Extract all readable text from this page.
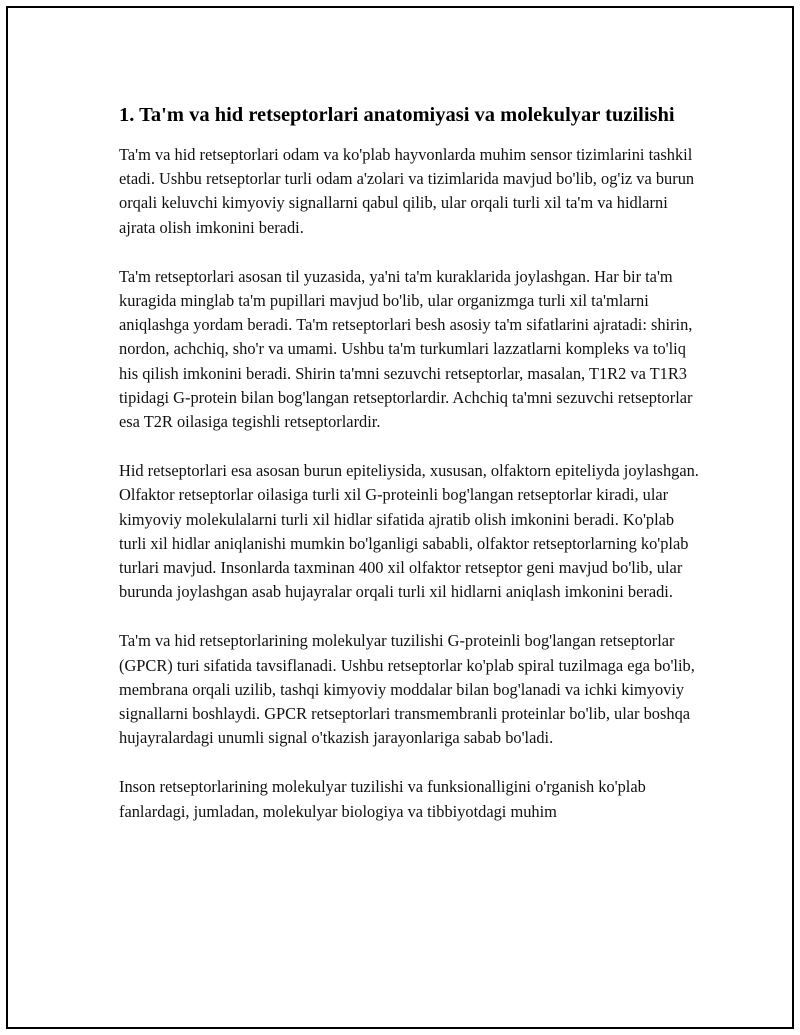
1. Ta'm va hid retseptorlari anatomiyasi va molekulyar tuzilishi

Ta'm va hid retseptorlari odam va ko'plab hayvonlarda muhim sensor tizimlarini tashkil etadi. Ushbu retseptorlar turli odam a'zolari va tizimlarida mavjud bo'lib, og'iz va burun orqali keluvchi kimyoviy signallarni qabul qilib, ular orqali turli xil ta'm va hidlarni ajrata olish imkonini beradi.

Ta'm retseptorlari asosan til yuzasida, ya'ni ta'm kuraklarida joylashgan. Har bir ta'm kuragida minglab ta'm pupillari mavjud bo'lib, ular organizmga turli xil ta'mlarni aniqlashga yordam beradi. Ta'm retseptorlari besh asosiy ta'm sifatlarini ajratadi: shirin, nordon, achchiq, sho'r va umami. Ushbu ta'm turkumlari lazzatlarni kompleks va to'liq his qilish imkonini beradi. Shirin ta'mni sezuvchi retseptorlar, masalan, T1R2 va T1R3 tipidagi G-protein bilan bog'langan retseptorlardir. Achchiq ta'mni sezuvchi retseptorlar esa T2R oilasiga tegishli retseptorlardir.

Hid retseptorlari esa asosan burun epiteliysida, xususan, olfaktorn epiteliyda joylashgan. Olfaktor retseptorlar oilasiga turli xil G-proteinli bog'langan retseptorlar kiradi, ular kimyoviy molekulalarni turli xil hidlar sifatida ajratib olish imkonini beradi. Ko'plab turli xil hidlar aniqlanishi mumkin bo'lganligi sababli, olfaktor retseptorlarning ko'plab turlari mavjud. Insonlarda taxminan 400 xil olfaktor retseptor geni mavjud bo'lib, ular burunda joylashgan asab hujayralar orqali turli xil hidlarni aniqlash imkonini beradi.

Ta'm va hid retseptorlarining molekulyar tuzilishi G-proteinli bog'langan retseptorlar (GPCR) turi sifatida tavsiflanadi. Ushbu retseptorlar ko'plab spiral tuzilmaga ega bo'lib, membrana orqali uzilib, tashqi kimyoviy moddalar bilan bog'lanadi va ichki kimyoviy signallarni boshlaydi. GPCR retseptorlari transmembranli proteinlar bo'lib, ular boshqa hujayralardagi unumli signal o'tkazish jarayonlariga sabab bo'ladi.

Inson retseptorlarining molekulyar tuzilishi va funksionalligini o'rganish ko'plab fanlardagi, jumladan, molekulyar biologiya va tibbiyotdagi muhim
